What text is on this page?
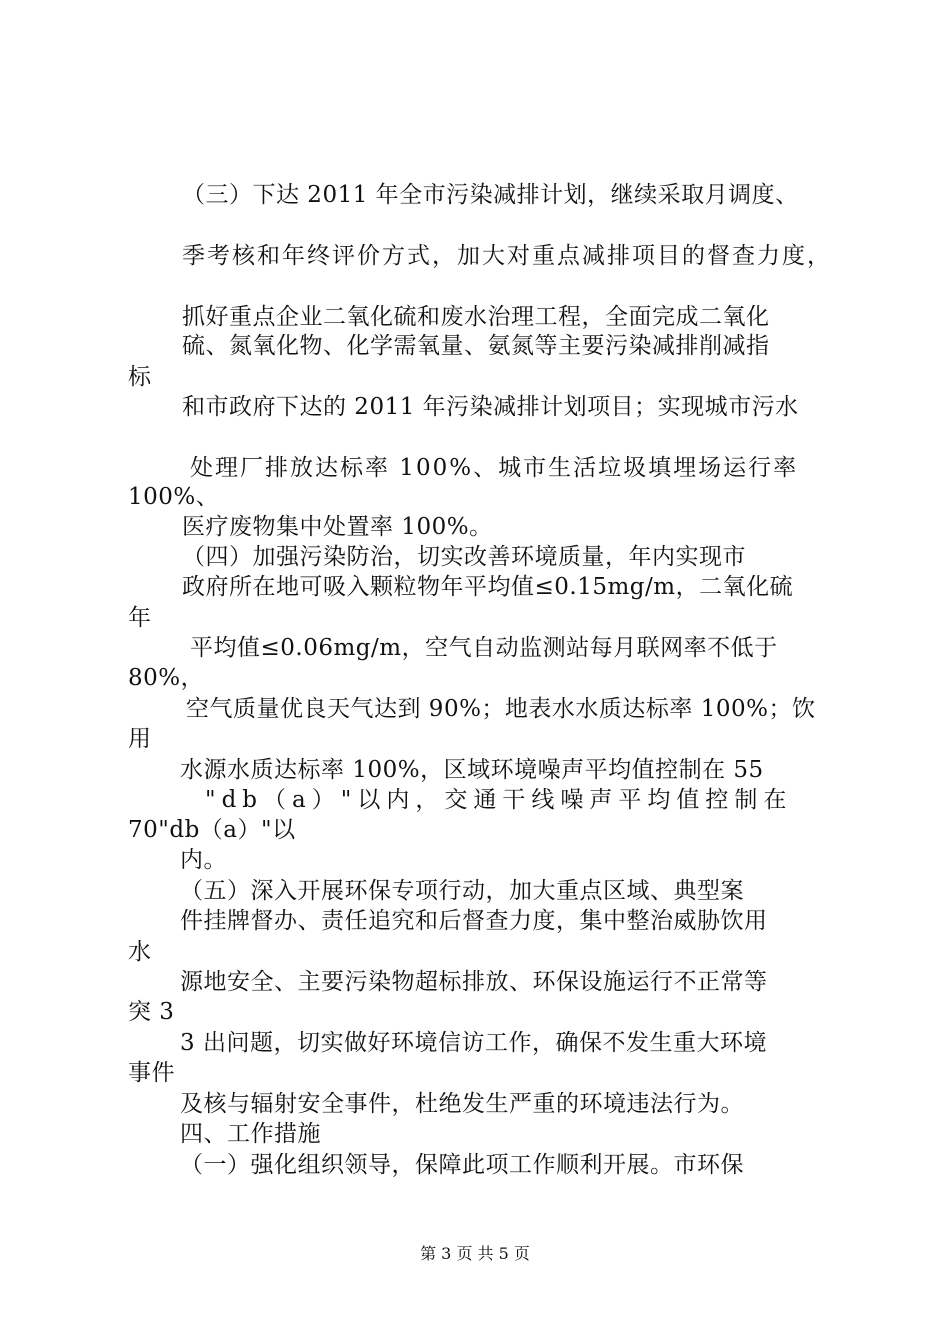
（三）下达 2011 年全市污染减排计划，继续采取月调度、
季考核和年终评价方式，加大对重点减排项目的督查力度，
抓好重点企业二氧化硫和废水治理工程，全面完成二氧化
硫、氮氧化物、化学需氧量、氨氮等主要污染减排削减指
标
和市政府下达的 2011 年污染减排计划项目；实现城市污水
处理厂排放达标率 100%、城市生活垃圾填埋场运行率
100%、
医疗废物集中处置率 100%。
（四）加强污染防治，切实改善环境质量，年内实现市
政府所在地可吸入颗粒物年平均值≤0.15mg/m，二氧化硫
年
平均值≤0.06mg/m，空气自动监测站每月联网率不低于
80%，
空气质量优良天气达到 90%；地表水水质达标率 100%；饮
用
水源水质达标率 100%，区域环境噪声平均值控制在 55
"db（a）"以内，交通干线噪声平均值控制在
70"db（a）"以
内。
（五）深入开展环保专项行动，加大重点区域、典型案
件挂牌督办、责任追究和后督查力度，集中整治威胁饮用
水
源地安全、主要污染物超标排放、环保设施运行不正常等
突 3
3 出问题，切实做好环境信访工作，确保不发生重大环境
事件
及核与辐射安全事件，杜绝发生严重的环境违法行为。
四、工作措施
（一）强化组织领导，保障此项工作顺利开展。市环保
第 3 页 共 5 页
